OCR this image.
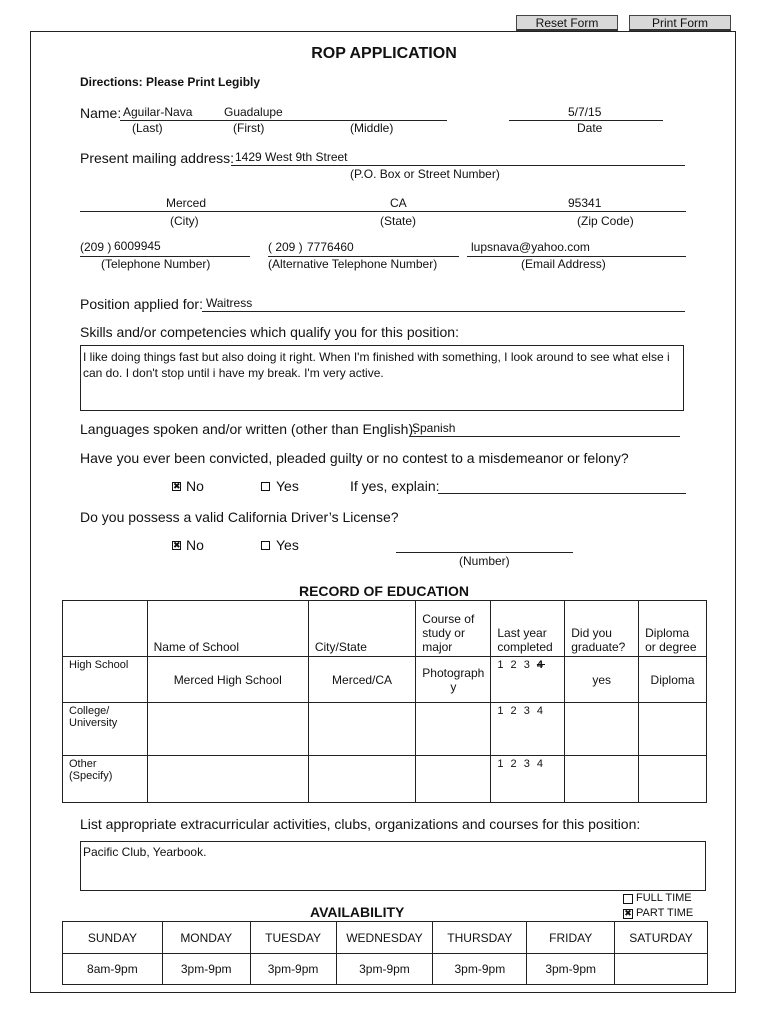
Reset Form	Print Form
ROP APPLICATION
Directions: Please Print Legibly
Name: Aguilar-Nava	Guadalupe	5/7/15
(Last)	(First)	(Middle)	Date
Present mailing address: 1429 West 9th Street
(P.O. Box or Street Number)
Merced	CA	95341
(City)	(State)	(Zip Code)
(209 ) 6009945	( 209 ) 7776460	lupsnava@yahoo.com
(Telephone Number)	(Alternative Telephone Number)	(Email Address)
Position applied for: Waitress
Skills and/or competencies which qualify you for this position:
I like doing things fast but also doing it right. When I'm finished with something, I look around to see what else i can do. I don't stop until i have my break. I'm very active.
Languages spoken and/or written (other than English):
Spanish
Have you ever been convicted, pleaded guilty or no contest to a misdemeanor or felony?
✖ No	Yes	If yes, explain:
Do you possess a valid California Driver’s License?
✖ No	Yes
(Number)
RECORD OF EDUCATION
	Name of School	City/State	Course of study or major	Last year completed	Did you graduate?	Diploma or degree
High School	Merced High School	Merced/CA	Photograph y	1 2 3 4	yes	Diploma
College/ University				1 2 3 4		
Other (Specify)				1 2 3 4		
List appropriate extracurricular activities, clubs, organizations and courses for this position:
Pacific Club, Yearbook.
AVAILABILITY
FULL TIME
✖ PART TIME
SUNDAY	MONDAY	TUESDAY	WEDNESDAY	THURSDAY	FRIDAY	SATURDAY
8am-9pm	3pm-9pm	3pm-9pm	3pm-9pm	3pm-9pm	3pm-9pm	
